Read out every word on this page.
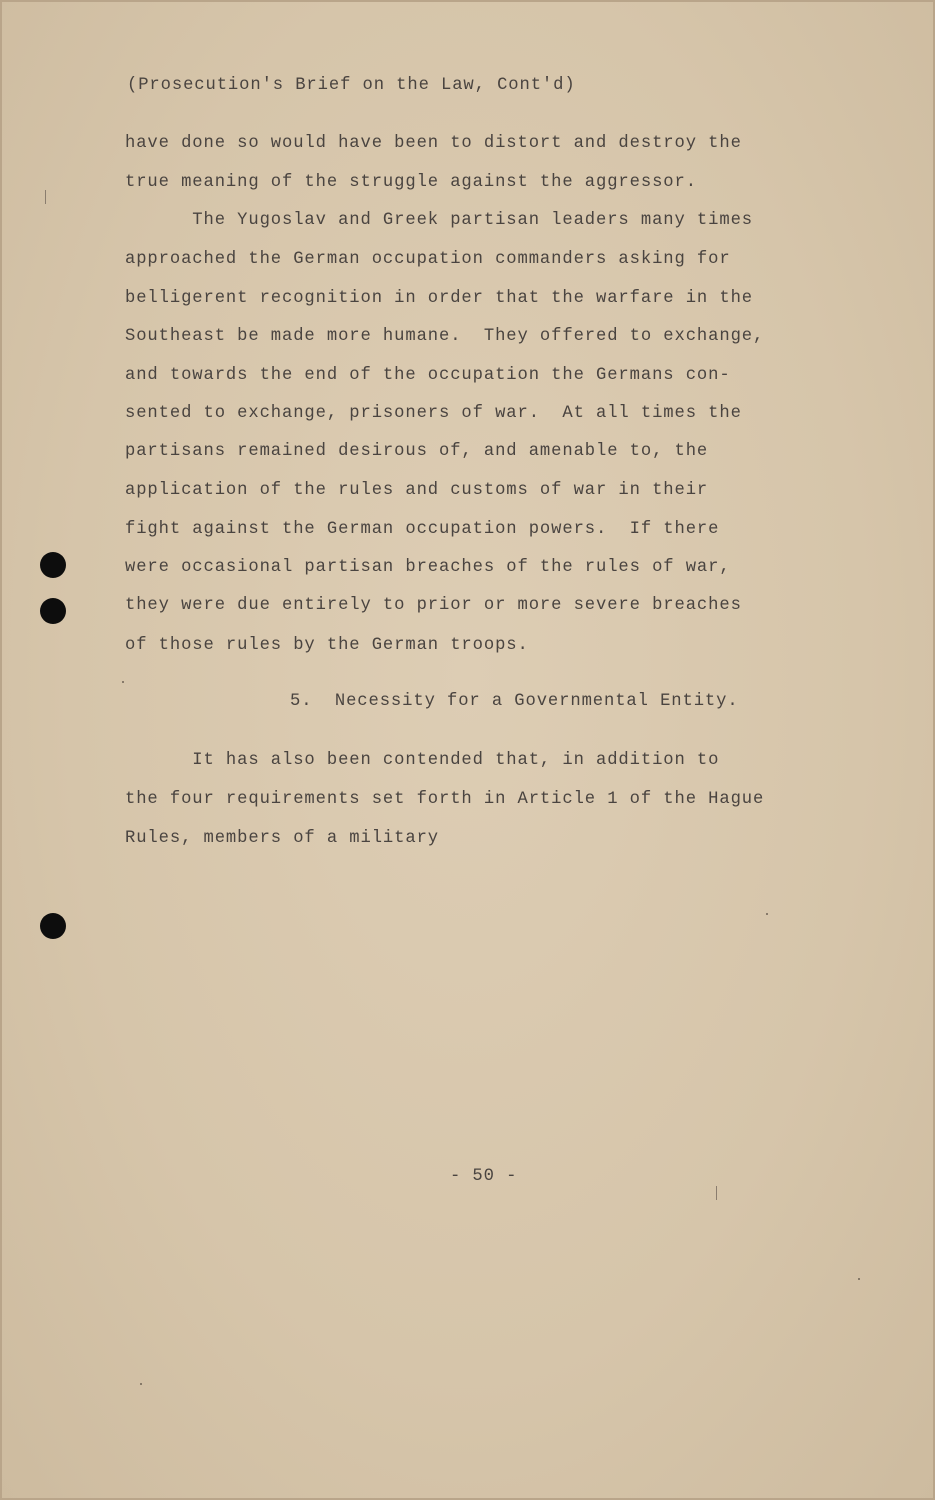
(Prosecution's Brief on the Law, Cont'd)
have done so would have been to distort and destroy the
true meaning of the struggle against the aggressor.
The Yugoslav and Greek partisan leaders many times
approached the German occupation commanders asking for
belligerent recognition in order that the warfare in the
Southeast be made more humane.  They offered to exchange,
and towards the end of the occupation the Germans con-
sented to exchange, prisoners of war.  At all times the
partisans remained desirous of, and amenable to, the
application of the rules and customs of war in their
fight against the German occupation powers.  If there
were occasional partisan breaches of the rules of war,
they were due entirely to prior or more severe breaches
of those rules by the German troops.
5.  Necessity for a Governmental Entity.
It has also been contended that, in addition to
the four requirements set forth in Article 1 of the Hague
Rules, members of a military
- 50 -
